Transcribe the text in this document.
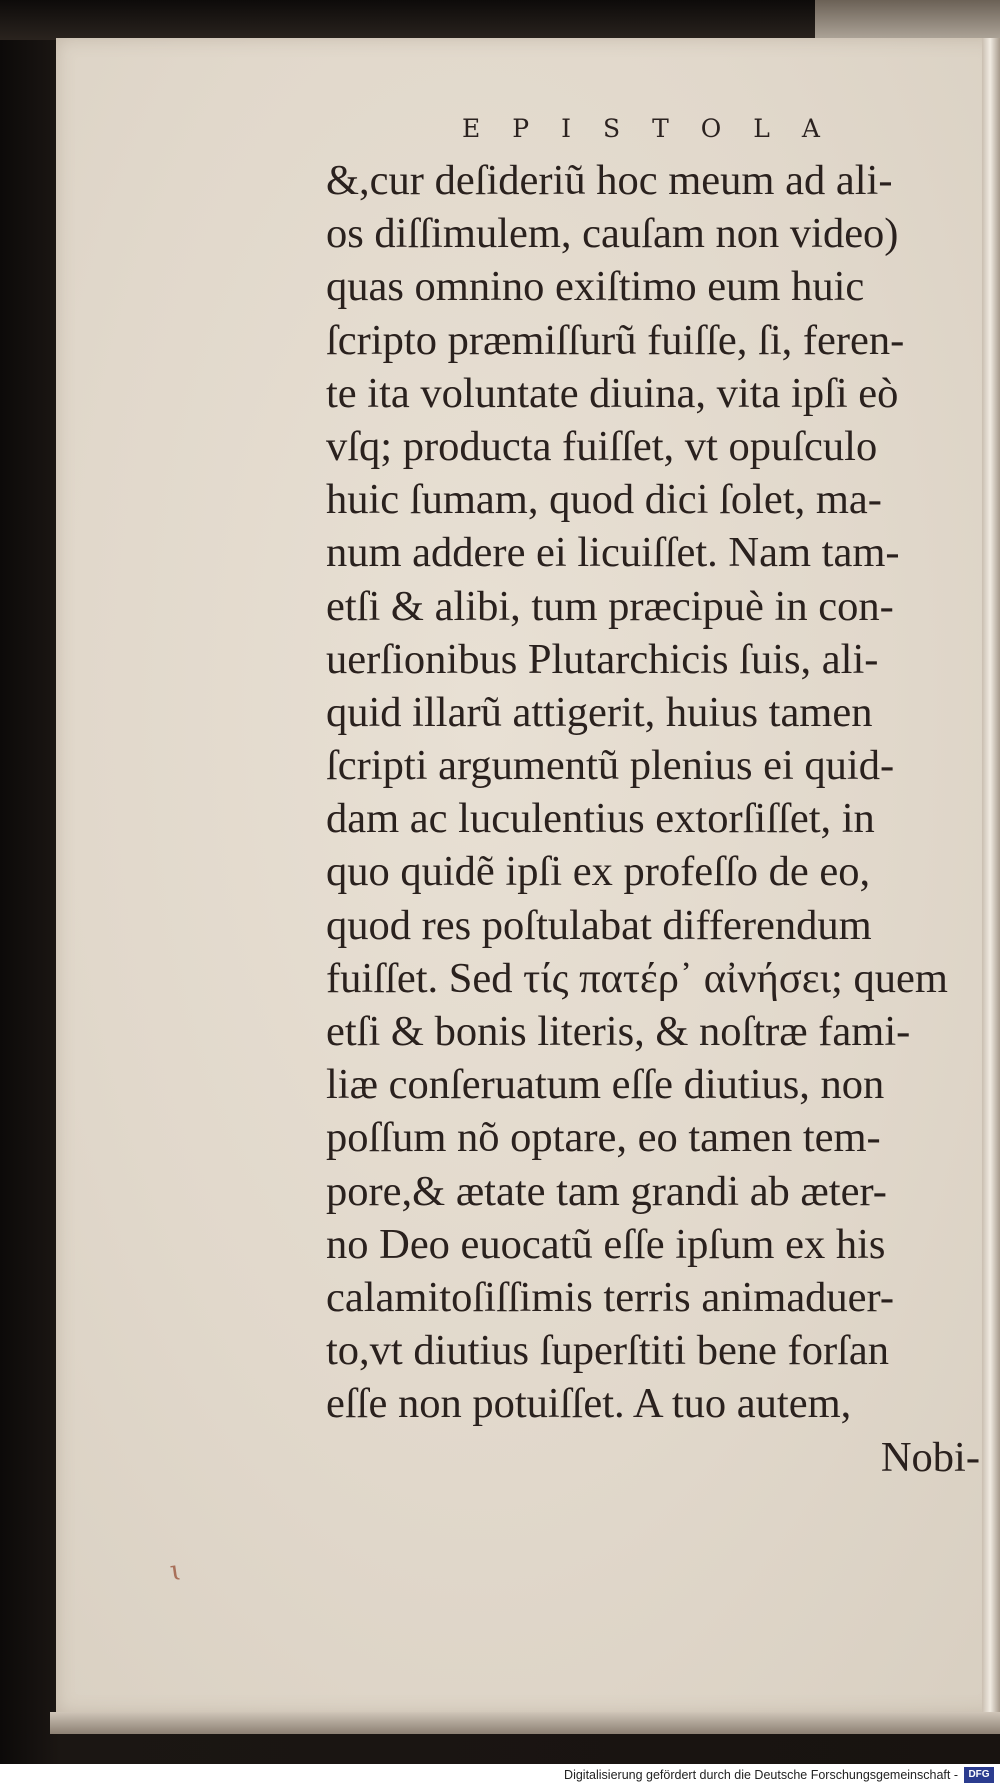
EPISTOLA
&,cur deſideriũ hoc meum ad ali-
os diſſimulem, cauſam non video)
quas omnino exiſtimo eum huic
ſcripto præmiſſurũ fuiſſe, ſi, feren-
te ita voluntate diuina, vita ipſi eò
vſq; producta fuiſſet, vt opuſculo
huic ſumam, quod dici ſolet, ma-
num addere ei licuiſſet. Nam tam-
etſi & alibi, tum præcipuè in con-
uerſionibus Plutarchicis ſuis, ali-
quid illarũ attigerit, huius tamen
ſcripti argumentũ plenius ei quid-
dam ac luculentius extorſiſſet, in
quo quidẽ ipſi ex profeſſo de eo,
quod res poſtulabat differendum
fuiſſet. Sed τίς πατέρ᾽ αἰνήσει; quem
etſi & bonis literis, & noſtræ fami-
liæ conſeruatum eſſe diutius, non
poſſum nõ optare, eo tamen tem-
pore,& ætate tam grandi ab æter-
no Deo euocatũ eſſe ipſum ex his
calamitoſiſſimis terris animaduer-
to,vt diutius ſuperſtiti bene forſan
eſſe non potuiſſet. A tuo autem,
Nobi-
ɩ
Digitalisierung gefördert durch die Deutsche Forschungsgemeinschaft -	DFG
